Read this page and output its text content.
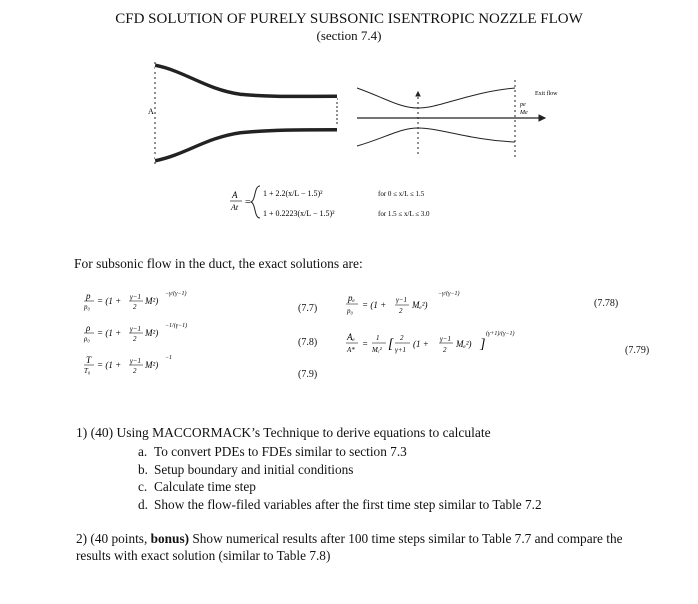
CFD SOLUTION OF PURELY SUBSONIC ISENTROPIC NOZZLE FLOW
(section 7.4)
A
Exit flow
pe
Me
A
At =
1 + 2.2(x/L − 1.5)²
1 + 0.2223(x/L − 1.5)²
for 0 ≤ x/L ≤ 1.5
for 1.5 ≤ x/L ≤ 3.0
For subsonic flow in the duct, the exact solutions are:
p
p₀
= (1 + γ−1
2
M²)
−γ/(γ−1)
ρ
ρ₀
= (1 + γ−1
2
M²)
−1/(γ−1)
T
T₀
= (1 + γ−1
2
M²)
−1
(7.7)
(7.8)
(7.9)
pₑ
p₀
= (1 + γ−1
2
Mₑ²)
−γ/(γ−1)
Aₑ
A*
=
1
Mₑ² [ 2
γ+1
(1 + γ−1
2
Mₑ²) ]
(γ+1)/(γ−1)
(7.78)
(7.79)
1) (40) Using MACCORMACK’s Technique to derive equations to calculate
a. To convert PDEs to FDEs similar to section 7.3
b. Setup boundary and initial conditions
c. Calculate time step
d. Show the flow-filed variables after the first time step similar to Table 7.2
2) (40 points, bonus) Show numerical results after 100 time steps similar to Table 7.7 and compare the results with exact solution (similar to Table 7.8)
